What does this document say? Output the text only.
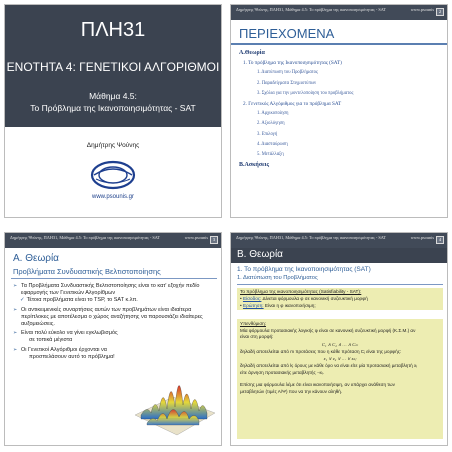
ΠΛΗ31
ΕΝΟΤΗΤΑ 4: ΓΕΝΕΤΙΚΟΙ ΑΛΓΟΡΙΘΜΟΙ
Μάθημα 4.5:
Το Πρόβλημα της Ικανοποιησιμότητας - SAT
Δημήτρης Ψούνης
www.psounis.gr
Δημήτρης Ψούνης, ΠΛΗ31, Μάθημα 4.5: Το πρόβλημα της ικανοποιησιμότητας - SAT	www.psounis	2
ΠΕΡΙΕΧΟΜΕΝΑ
Α.Θεωρία
1. Το πρόβλημα της Ικανοποιησιμότητας (SAT)
1. Διατύπωση του Προβλήματος
2. Παραδείγματα Στιγμιοτύπων
3. Σχόλια για την μοντελοποίηση του προβλήματος
2. Γενετικός Αλγόριθμος για το πρόβλημα SAT
1. Αρχικοποίηση
2. Αξιολόγηση
3. Επιλογή
4. Διασταύρωση
5. Μετάλλαξη
Β.Ασκήσεις
Δημήτρης Ψούνης, ΠΛΗ31, Μάθημα 4.5: Το πρόβλημα της ικανοποιησιμότητας - SAT	www.psounis	3
Α. Θεωρία
Προβλήματα Συνδυαστικής Βελτιστοποίησης
➢ Τα Προβλήματα Συνδυαστικής Βελτιστοποίησης είναι το κατ' εξοχήν πεδίο
εφαρμογής των Γενετικών Αλγορίθμων
✓ Τέτοια προβλήματα είναι το TSP, το SAT κ.λπ.
➢ Οι αντικειμενικές συναρτήσεις αυτών των προβλημάτων είναι ιδιαίτερα
περίπλοκες με αποτέλεσμα ο χώρος αναζήτησης να παρουσιάζει ιδιαίτερες
αυξομειώσεις.
➢ Είναι πολύ εύκολο να γίνει εγκλωβισμός
σε τοπικά μέγιστα
➢ Οι Γενετικοί Αλγόριθμοι έρχονται να
προσπελάσουν αυτό το πρόβλημα!
Δημήτρης Ψούνης, ΠΛΗ31, Μάθημα 4.5: Το πρόβλημα της ικανοποιησιμότητας - SAT	www.psounis	4
Β. Θεωρία
1. Το πρόβλημα της Ικανοποιησιμότητας (SAT)
1. Διατύπωση του Προβλήματος
Το πρόβλημα της ικανοποιησιμότητας (Satisfiability - SAT):
• Είσοδος: Δίνεται φόρμουλα φ σε κανονική συζευκτική μορφή
• Ερώτηση: Είναι η φ ικανοποιήσιμη;
Υπενθύμιση:
Μία φόρμουλα προτασιακής λογικής φ είναι σε κανονική συζευκτική μορφή (Κ.Σ.Μ.) αν
είναι στη μορφή:
C₁ ∧ C₂ ∧ … ∧ Cₘ
δηλαδή αποτελείται από m προτάσεις που η κάθε πρόταση Cⱼ είναι της μορφής:
z₁ ∨ z₂ ∨ … ∨ zₖⱼ
δηλαδή αποτελείται από kⱼ όρους με κάθε όρο να είναι είτε μία προτασιακή μεταβλητή xᵢ
είτε άρνηση προτασιακής μεταβλητής ¬xᵢ.
Επίσης μια φόρμουλα λέμε ότι είναι ικανοποιήσιμη, αν υπάρχει ανάθεση των
μεταβλητών (τιμές Α/Ψ) που να την κάνουν αληθή.
